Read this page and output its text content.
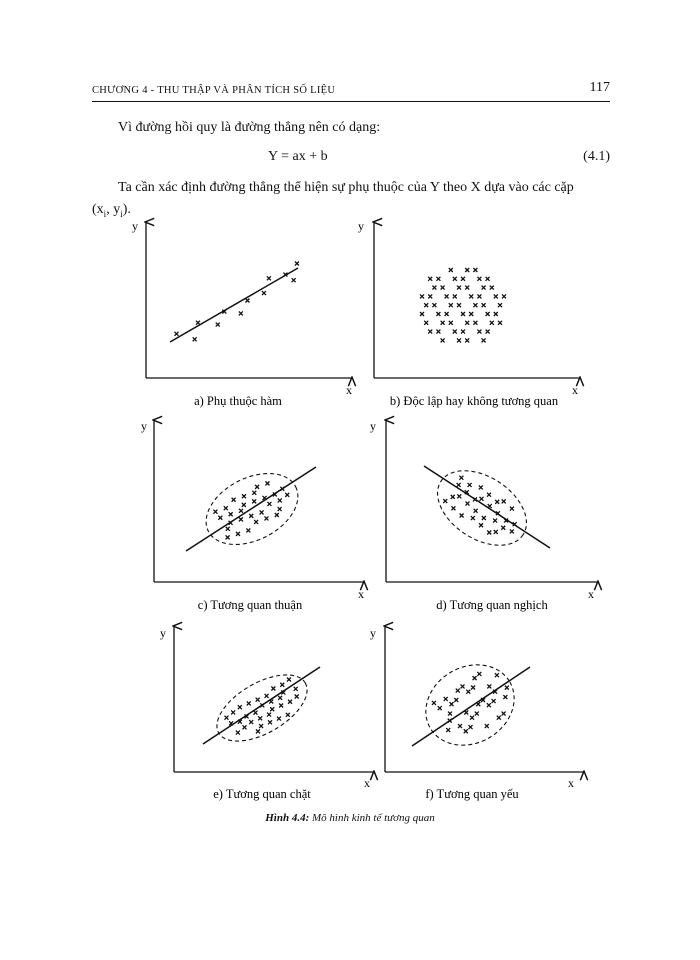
CHƯƠNG 4 - THU THẬP VÀ PHÂN TÍCH SỐ LIỆU	117
Vì đường hồi quy là đường thẳng nên có dạng:
Y = ax + b	(4.1)
Ta cần xác định đường thẳng thể hiện sự phụ thuộc của Y theo X dựa vào các cặp
($x_i$, $y_i$).
y
x
a) Phụ thuộc hàm
y
x
b) Độc lập hay không tương quan
y
x
c) Tương quan thuận
y
x
d) Tương quan nghịch
y
x
e) Tương quan chặt
y
x
f) Tương quan yếu
Hình 4.4: Mô hình kinh tế tương quan
